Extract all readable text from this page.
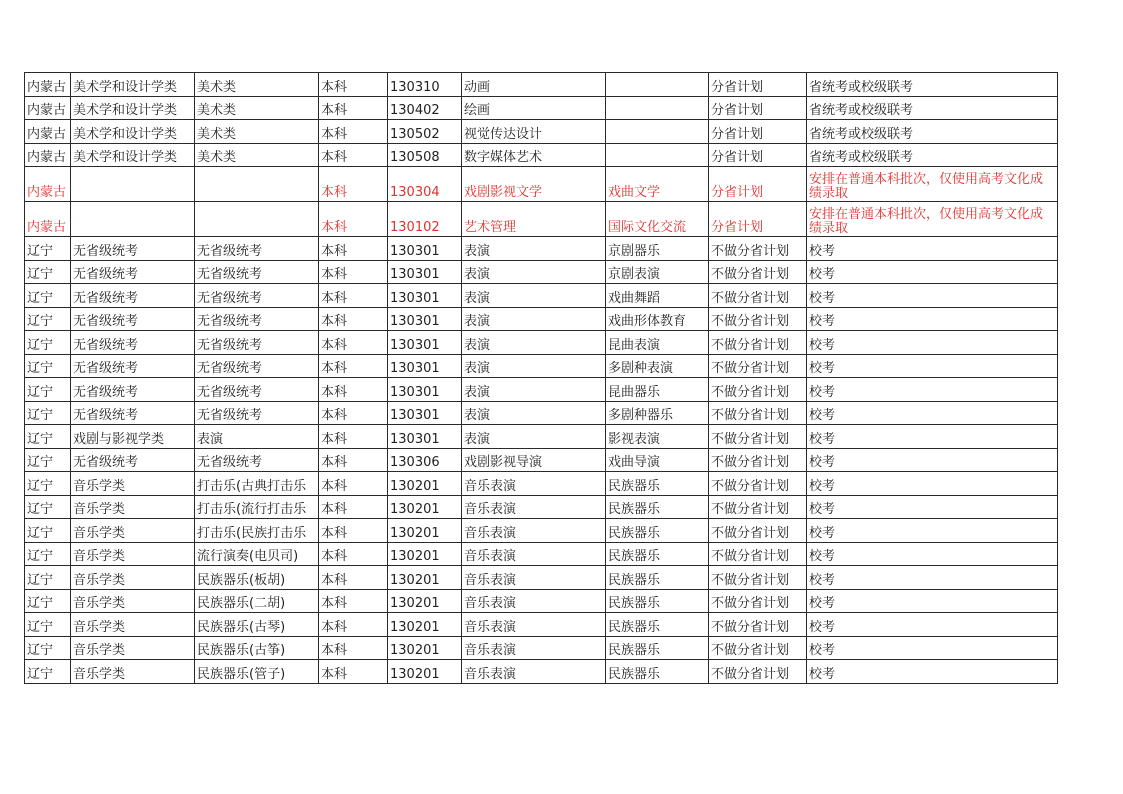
内蒙古	美术学和设计学类	美术类	本科	130310	动画		分省计划	省统考或校级联考
内蒙古	美术学和设计学类	美术类	本科	130402	绘画		分省计划	省统考或校级联考
内蒙古	美术学和设计学类	美术类	本科	130502	视觉传达设计		分省计划	省统考或校级联考
内蒙古	美术学和设计学类	美术类	本科	130508	数字媒体艺术		分省计划	省统考或校级联考
内蒙古			本科	130304	戏剧影视文学	戏曲文学	分省计划	安排在普通本科批次，仅使用高考文化成绩录取
内蒙古			本科	130102	艺术管理	国际文化交流	分省计划	安排在普通本科批次，仅使用高考文化成绩录取
辽宁	无省级统考	无省级统考	本科	130301	表演	京剧器乐	不做分省计划	校考
辽宁	无省级统考	无省级统考	本科	130301	表演	京剧表演	不做分省计划	校考
辽宁	无省级统考	无省级统考	本科	130301	表演	戏曲舞蹈	不做分省计划	校考
辽宁	无省级统考	无省级统考	本科	130301	表演	戏曲形体教育	不做分省计划	校考
辽宁	无省级统考	无省级统考	本科	130301	表演	昆曲表演	不做分省计划	校考
辽宁	无省级统考	无省级统考	本科	130301	表演	多剧种表演	不做分省计划	校考
辽宁	无省级统考	无省级统考	本科	130301	表演	昆曲器乐	不做分省计划	校考
辽宁	无省级统考	无省级统考	本科	130301	表演	多剧种器乐	不做分省计划	校考
辽宁	戏剧与影视学类	表演	本科	130301	表演	影视表演	不做分省计划	校考
辽宁	无省级统考	无省级统考	本科	130306	戏剧影视导演	戏曲导演	不做分省计划	校考
辽宁	音乐学类	打击乐(古典打击乐	本科	130201	音乐表演	民族器乐	不做分省计划	校考
辽宁	音乐学类	打击乐(流行打击乐	本科	130201	音乐表演	民族器乐	不做分省计划	校考
辽宁	音乐学类	打击乐(民族打击乐	本科	130201	音乐表演	民族器乐	不做分省计划	校考
辽宁	音乐学类	流行演奏(电贝司)	本科	130201	音乐表演	民族器乐	不做分省计划	校考
辽宁	音乐学类	民族器乐(板胡)	本科	130201	音乐表演	民族器乐	不做分省计划	校考
辽宁	音乐学类	民族器乐(二胡)	本科	130201	音乐表演	民族器乐	不做分省计划	校考
辽宁	音乐学类	民族器乐(古琴)	本科	130201	音乐表演	民族器乐	不做分省计划	校考
辽宁	音乐学类	民族器乐(古筝)	本科	130201	音乐表演	民族器乐	不做分省计划	校考
辽宁	音乐学类	民族器乐(管子)	本科	130201	音乐表演	民族器乐	不做分省计划	校考
